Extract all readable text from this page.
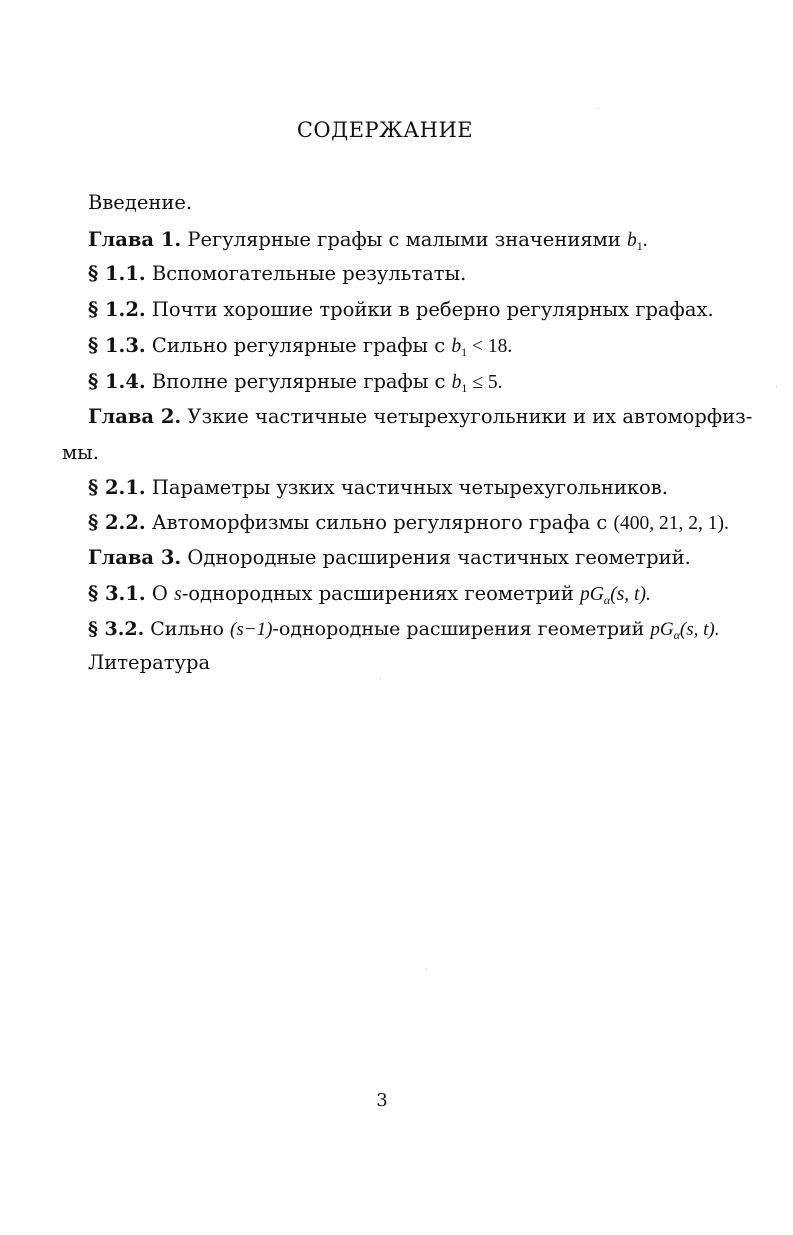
СОДЕРЖАНИЕ
Введение.
Глава 1. Регулярные графы с малыми значениями $b_1$.
§ 1.1. Вспомогательные результаты.
§ 1.2. Почти хорошие тройки в реберно регулярных графах.
§ 1.3. Сильно регулярные графы с $b_1 < 18$.
§ 1.4. Вполне регулярные графы с $b_1 \le 5$.
Глава 2. Узкие частичные четырехугольники и их автоморфиз-
мы.
§ 2.1. Параметры узких частичных четырехугольников.
§ 2.2. Автоморфизмы сильно регулярного графа с (400, 21, 2, 1).
Глава 3. Однородные расширения частичных геометрий.
§ 3.1. О s-однородных расширениях геометрий $pG_\alpha(s$, t).
§ 3.2. Сильно (s−1)-однородные расширения геометрий $pG_\alpha(s$, t).
Литература
3
